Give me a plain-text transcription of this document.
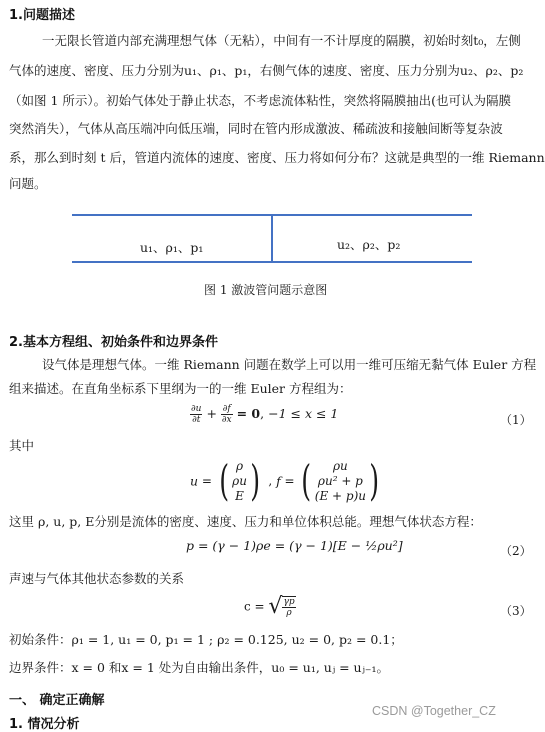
1.问题描述
一无限长管道内部充满理想气体（无粘），中间有一不计厚度的隔膜，初始时刻t₀，左侧
气体的速度、密度、压力分别为u₁、ρ₁、p₁，右侧气体的速度、密度、压力分别为u₂、ρ₂、p₂
（如图 1 所示）。初始气体处于静止状态，不考虑流体粘性，突然将隔膜抽出(也可认为隔膜
突然消失），气体从高压端冲向低压端，同时在管内形成激波、稀疏波和接触间断等复杂波
系，那么到时刻 t 后，管道内流体的速度、密度、压力将如何分布？这就是典型的一维 Riemann
问题。
u₁、ρ₁、p₁	u₂、ρ₂、p₂
图 1 激波管问题示意图
2.基本方程组、初始条件和边界条件
设气体是理想气体。一维 Riemann 问题在数学上可以用一维可压缩无黏气体 Euler 方程
组来描述。在直角坐标系下里纲为一的一维 Euler 方程组为：
$\frac{\partial u}{\partial t} + \frac{\partial f}{\partial x} = 0$, −1 ≤ x ≤ 1	（1）
其中
u = ( ρ
ρu
E ) , f = (	ρu
ρu² + p
(E + p)u )
这里 ρ, u, p, E分别是流体的密度、速度、压力和单位体积总能。理想气体状态方程：
p = (γ − 1)ρe = (γ − 1)[E − ½ρu²]	（2）
声速与气体其他状态参数的关系
c = √ $\frac{\gamma p}{\rho}$	（3）
初始条件：ρ₁ = 1, u₁ = 0, p₁ = 1 ; ρ₂ = 0.125, u₂ = 0, p₂ = 0.1；
边界条件：x = 0 和x = 1 处为自由输出条件，u₀ = u₁, uⱼ = uⱼ₋₁。
一、 确定正确解
1. 情况分析
CSDN @Together_CZ
